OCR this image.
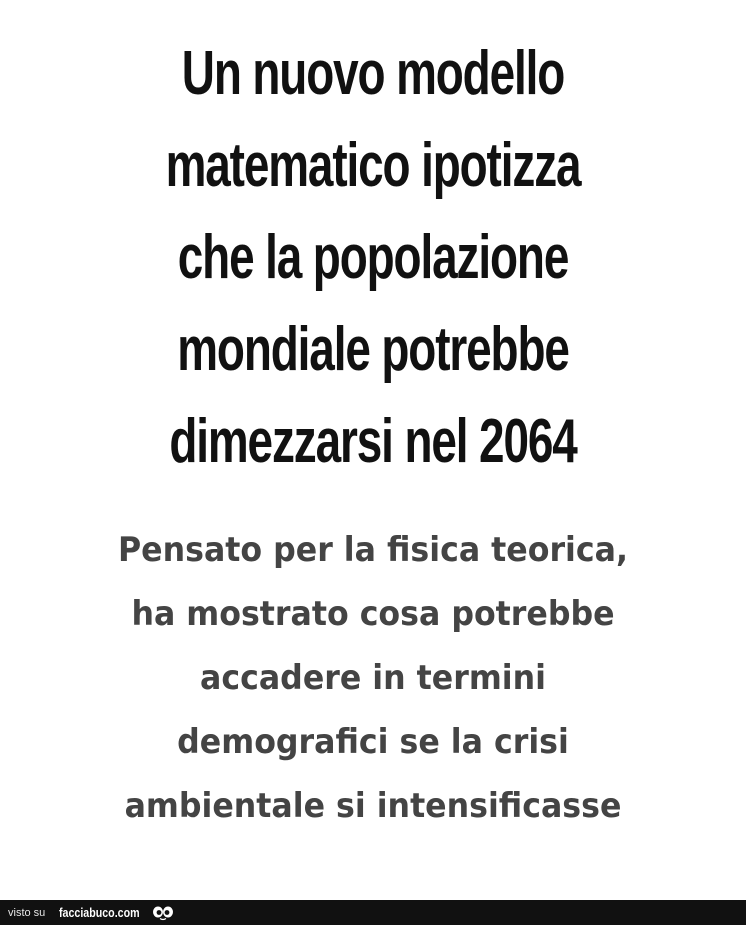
Un nuovo modello
matematico ipotizza
che la popolazione
mondiale potrebbe
dimezzarsi nel 2064
Pensato per la fisica teorica,
ha mostrato cosa potrebbe
accadere in termini
demografici se la crisi
ambientale si intensificasse
visto su facciabuco.com
